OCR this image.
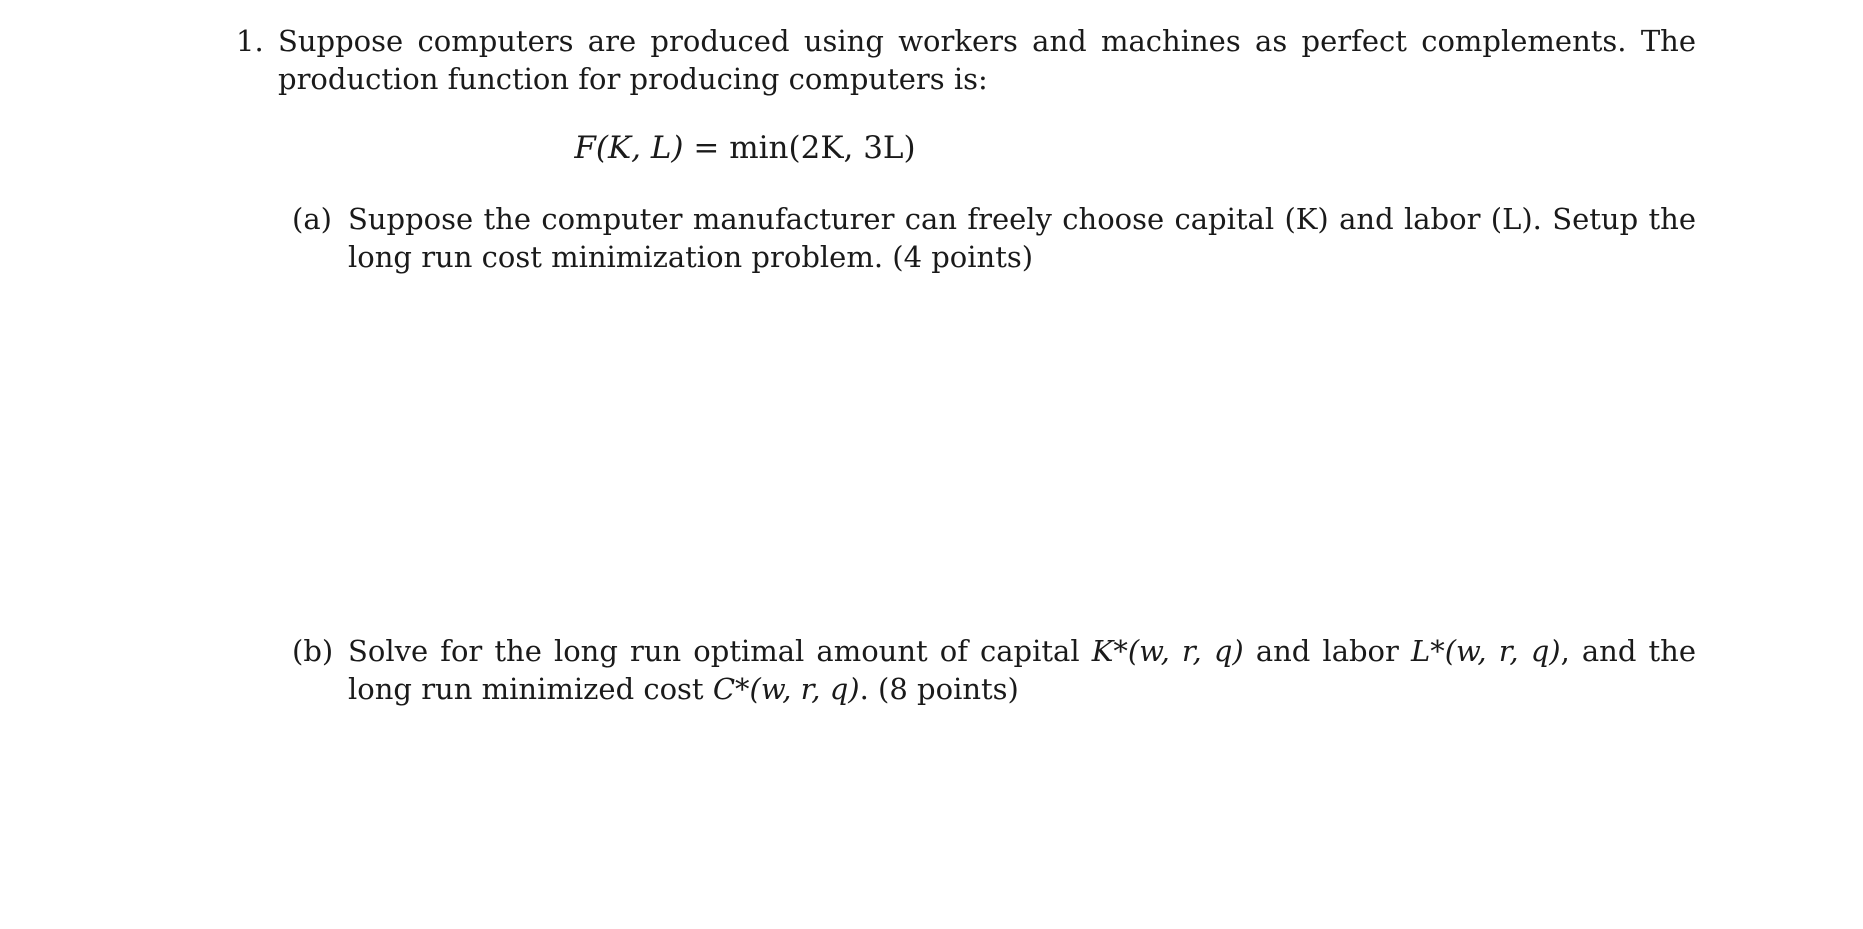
1. Suppose computers are produced using workers and machines as perfect complements. The production function for producing computers is:
F(K, L) = min(2K, 3L)
(a) Suppose the computer manufacturer can freely choose capital (K) and labor (L). Setup the long run cost minimization problem. (4 points)
(b) Solve for the long run optimal amount of capital K*(w, r, q) and labor L*(w, r, q), and the long run minimized cost C*(w, r, q). (8 points)
